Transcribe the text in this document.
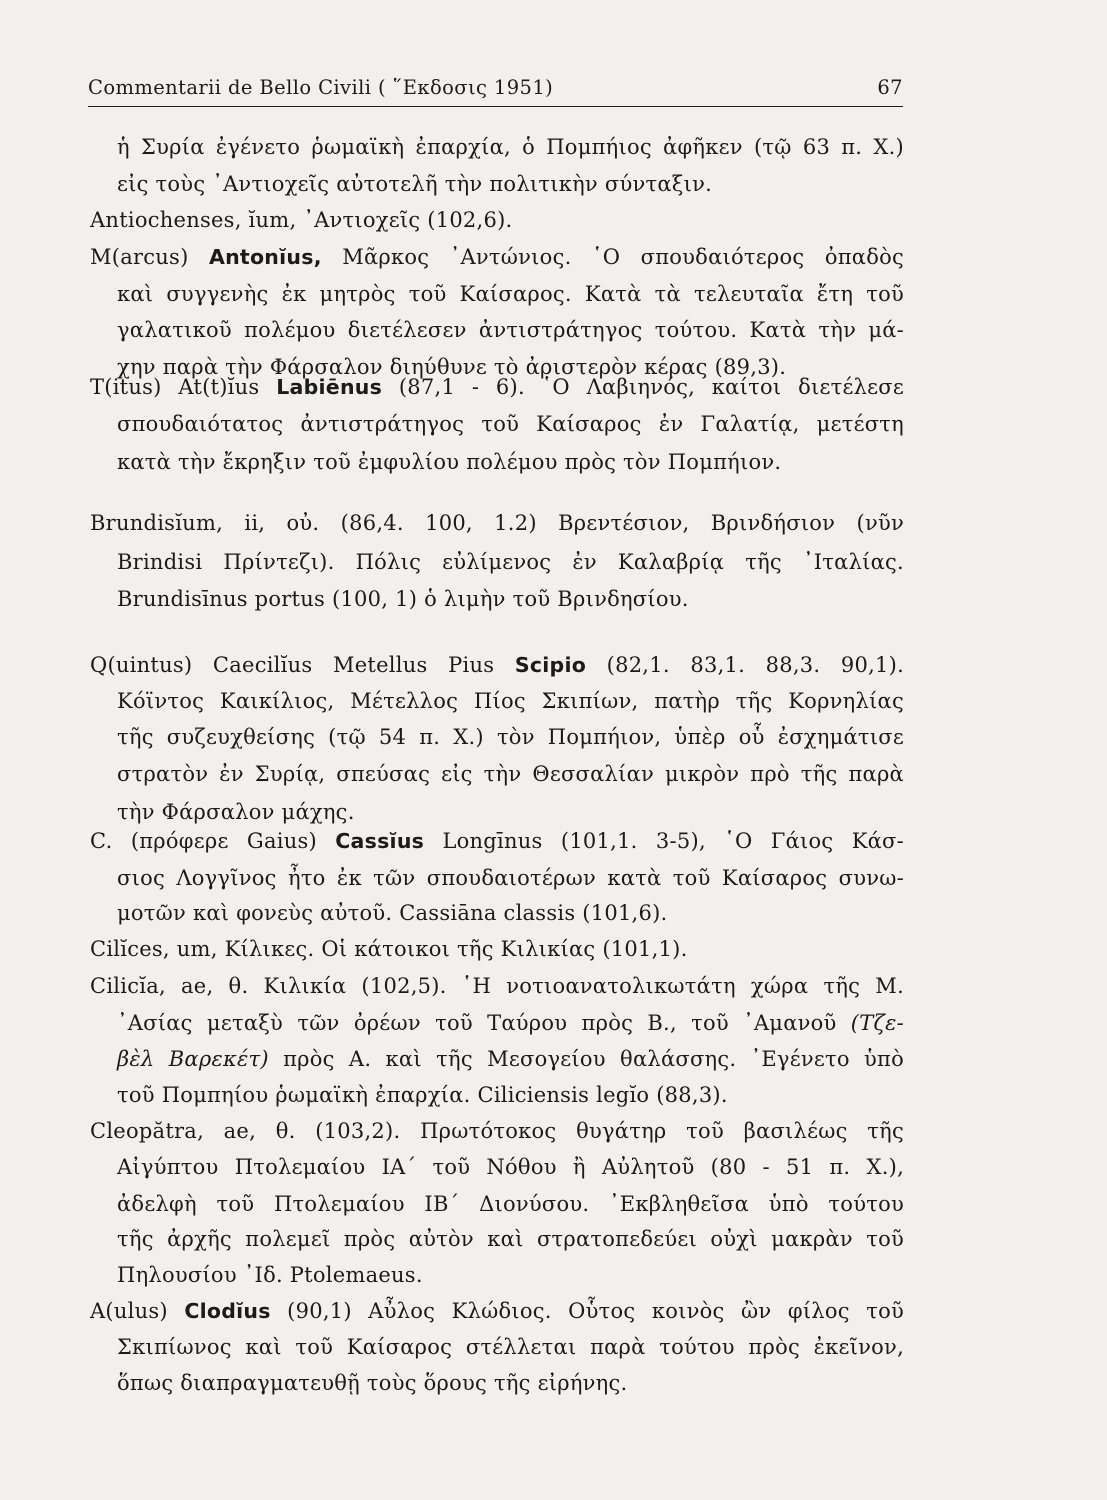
Commentarii de Bello Civili ( ῞Εκδοσις 1951)	67
ἡ Συρία ἐγένετο ῥωμαϊκὴ ἐπαρχία, ὁ Πομπήιος ἀφῆκεν (τῷ 63 π. X.)
εἰς τοὺς ᾿Αντιοχεῖς αὐτοτελῆ τὴν πολιτικὴν σύνταξιν.
Antiochenses, ĭum, ᾿Αντιοχεῖς (102,6).
M(arcus) Antonĭus, Μᾶρκος ᾿Αντώνιος. ῾Ο σπουδαιότερος ὀπαδὸς
καὶ συγγενὴς ἐκ μητρὸς τοῦ Καίσαρος. Κατὰ τὰ τελευταῖα ἔτη τοῦ
γαλατικοῦ πολέμου διετέλεσεν ἀντιστράτηγος τούτου. Κατὰ τὴν μά-
χην παρὰ τὴν Φάρσαλον διηύθυνε τὸ ἀριστερὸν κέρας (89,3).
T(itus) At(t)ĭus Labiēnus (87,1 - 6). ῾Ο Λαβιηνός, καίτοι διετέλεσε
σπουδαιότατος ἀντιστράτηγος τοῦ Καίσαρος ἐν Γαλατίᾳ, μετέστη
κατὰ τὴν ἔκρηξιν τοῦ ἐμφυλίου πολέμου πρὸς τὸν Πομπήιον.
Brundisĭum, ii, οὐ. (86,4. 100, 1.2) Βρεντέσιον, Βρινδήσιον (νῦν
Brindisi Πρίντεζι). Πόλις εὐλίμενος ἐν Καλαβρίᾳ τῆς ᾿Ιταλίας.
Brundisīnus portus (100, 1) ὁ λιμὴν τοῦ Βρινδησίου.
Q(uintus) Caecilĭus Metellus Pius Scipio (82,1. 83,1. 88,3. 90,1).
Κόϊντος Καικίλιος, Μέτελλος Πίος Σκιπίων, πατὴρ τῆς Κορνηλίας
τῆς συζευχθείσης (τῷ 54 π. X.) τὸν Πομπήιον, ὑπὲρ οὗ ἐσχημάτισε
στρατὸν ἐν Συρίᾳ, σπεύσας εἰς τὴν Θεσσαλίαν μικρὸν πρὸ τῆς παρὰ
τὴν Φάρσαλον μάχης.
C. (πρόφερε Gaius) Cassĭus Longīnus (101,1. 3-5), ῾Ο Γάιος Κάσ-
σιος Λογγῖνος ἦτο ἐκ τῶν σπουδαιοτέρων κατὰ τοῦ Καίσαρος συνω-
μοτῶν καὶ φονεὺς αὐτοῦ. Cassiāna classis (101,6).
Cilĭces, um, Κίλικες. Οἱ κάτοικοι τῆς Κιλικίας (101,1).
Cilicĭa, ae, θ. Κιλικία (102,5). ῾Η νοτιοανατολικωτάτη χώρα τῆς Μ.
᾿Ασίας μεταξὺ τῶν ὀρέων τοῦ Ταύρου πρὸς Β., τοῦ ᾿Αμανοῦ (Τζε-
βὲλ Βαρεκέτ) πρὸς Α. καὶ τῆς Μεσογείου θαλάσσης. ᾿Εγένετο ὑπὸ
τοῦ Πομπηίου ῥωμαϊκὴ ἐπαρχία. Ciliciensis legĭo (88,3).
Cleopătra, ae, θ. (103,2). Πρωτότοκος θυγάτηρ τοῦ βασιλέως τῆς
Αἰγύπτου Πτολεμαίου ΙΑ΄ τοῦ Νόθου ἢ Αὐλητοῦ (80 - 51 π. Χ.),
ἀδελφὴ τοῦ Πτολεμαίου ΙΒ΄ Διονύσου. ᾿Εκβληθεῖσα ὑπὸ τούτου
τῆς ἀρχῆς πολεμεῖ πρὸς αὐτὸν καὶ στρατοπεδεύει οὐχὶ μακρὰν τοῦ
Πηλουσίου ᾿Ιδ. Ptolemaeus.
A(ulus) Clodĭus (90,1) Αὖλος Κλώδιος. Οὗτος κοινὸς ὢν φίλος τοῦ
Σκιπίωνος καὶ τοῦ Καίσαρος στέλλεται παρὰ τούτου πρὸς ἐκεῖνον,
ὅπως διαπραγματευθῇ τοὺς ὅρους τῆς εἰρήνης.
